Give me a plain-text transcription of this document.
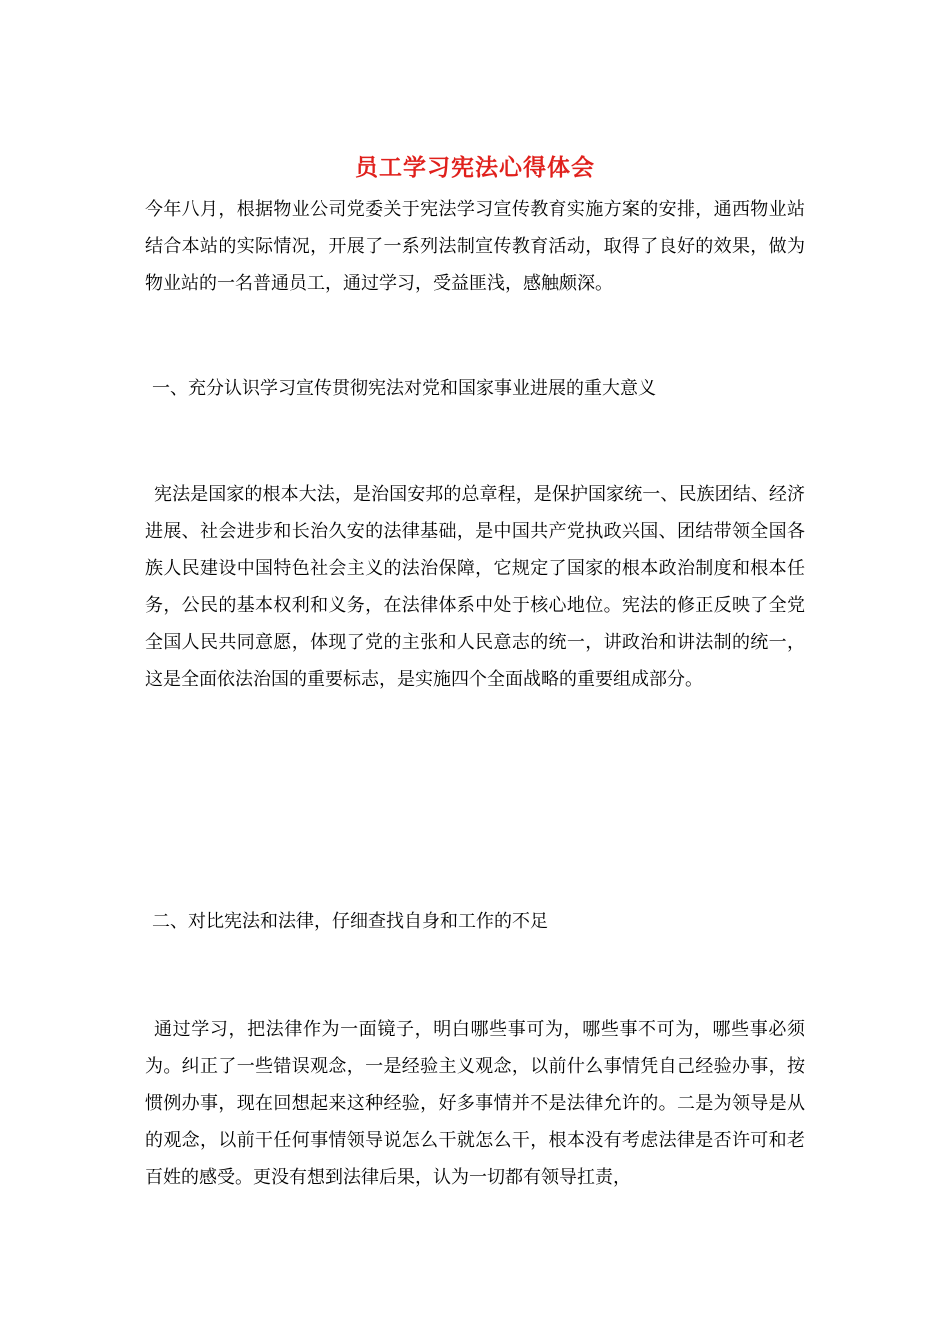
员工学习宪法心得体会

今年八月，根据物业公司党委关于宪法学习宣传教育实施方案的安排，通西物业站结合本站的实际情况，开展了一系列法制宣传教育活动，取得了良好的效果，做为物业站的一名普通员工，通过学习，受益匪浅，感触颇深。

一、充分认识学习宣传贯彻宪法对党和国家事业进展的重大意义

宪法是国家的根本大法，是治国安邦的总章程，是保护国家统一、民族团结、经济进展、社会进步和长治久安的法律基础，是中国共产党执政兴国、团结带领全国各族人民建设中国特色社会主义的法治保障，它规定了国家的根本政治制度和根本任务，公民的基本权利和义务，在法律体系中处于核心地位。宪法的修正反映了全党全国人民共同意愿，体现了党的主张和人民意志的统一，讲政治和讲法制的统一，这是全面依法治国的重要标志，是实施四个全面战略的重要组成部分。

二、对比宪法和法律，仔细查找自身和工作的不足

通过学习，把法律作为一面镜子，明白哪些事可为，哪些事不可为，哪些事必须为。纠正了一些错误观念，一是经验主义观念，以前什么事情凭自己经验办事，按惯例办事，现在回想起来这种经验，好多事情并不是法律允许的。二是为领导是从的观念，以前干任何事情领导说怎么干就怎么干，根本没有考虑法律是否许可和老百姓的感受。更没有想到法律后果，认为一切都有领导扛责，
